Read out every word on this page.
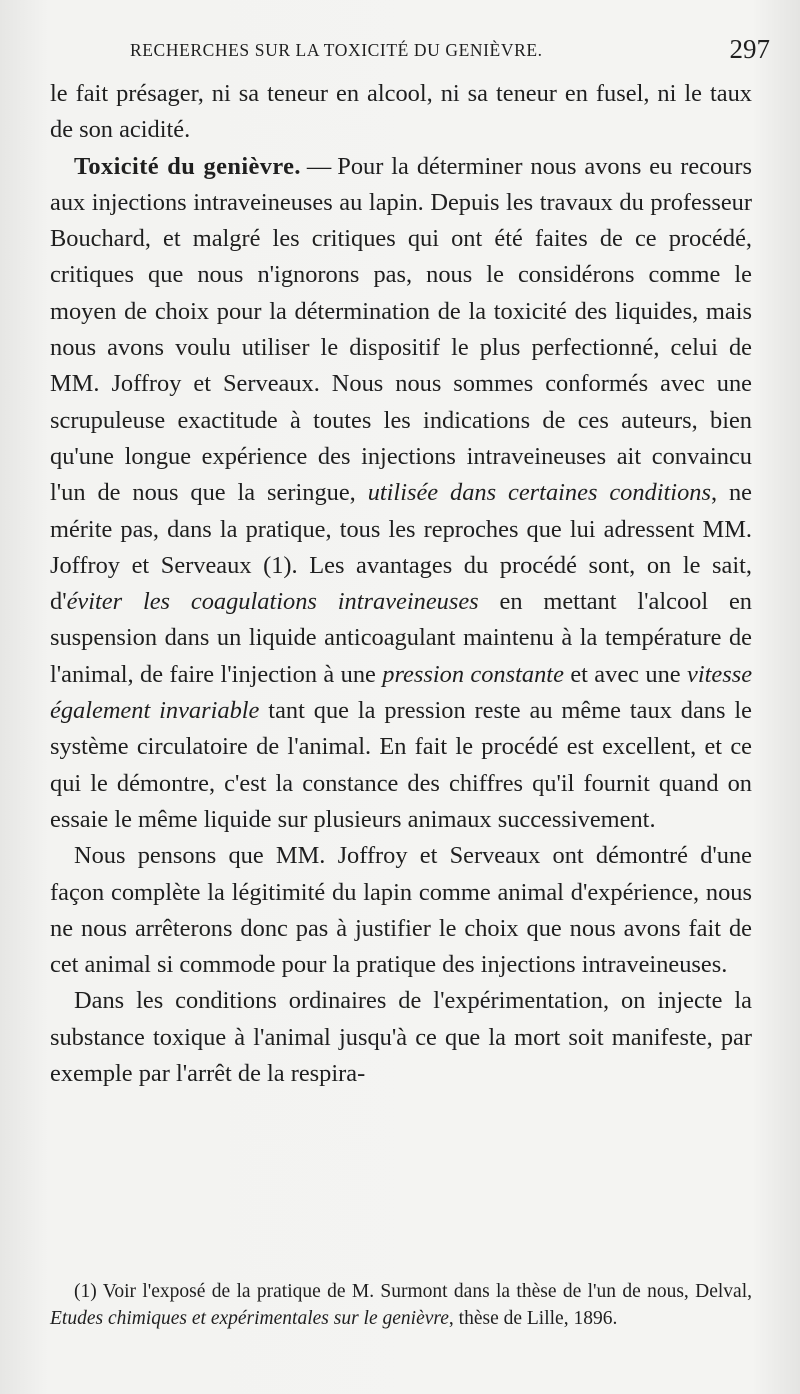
RECHERCHES SUR LA TOXICITÉ DU GENIÈVRE.	297

le fait présager, ni sa teneur en alcool, ni sa teneur en fusel, ni le taux de son acidité.

Toxicité du genièvre. — Pour la déterminer nous avons eu recours aux injections intraveineuses au lapin. Depuis les travaux du professeur Bouchard, et malgré les critiques qui ont été faites de ce procédé, critiques que nous n'ignorons pas, nous le considérons comme le moyen de choix pour la détermination de la toxicité des liquides, mais nous avons voulu utiliser le dispositif le plus perfectionné, celui de MM. Joffroy et Serveaux. Nous nous sommes conformés avec une scrupuleuse exactitude à toutes les indications de ces auteurs, bien qu'une longue expérience des injections intraveineuses ait convaincu l'un de nous que la seringue, utilisée dans certaines conditions, ne mérite pas, dans la pratique, tous les reproches que lui adressent MM. Joffroy et Serveaux (1). Les avantages du procédé sont, on le sait, d'éviter les coagulations intraveineuses en mettant l'alcool en suspension dans un liquide anticoagulant maintenu à la température de l'animal, de faire l'injection à une pression constante et avec une vitesse également invariable tant que la pression reste au même taux dans le système circulatoire de l'animal. En fait le procédé est excellent, et ce qui le démontre, c'est la constance des chiffres qu'il fournit quand on essaie le même liquide sur plusieurs animaux successivement.

Nous pensons que MM. Joffroy et Serveaux ont démontré d'une façon complète la légitimité du lapin comme animal d'expérience, nous ne nous arrêterons donc pas à justifier le choix que nous avons fait de cet animal si commode pour la pratique des injections intraveineuses.

Dans les conditions ordinaires de l'expérimentation, on injecte la substance toxique à l'animal jusqu'à ce que la mort soit manifeste, par exemple par l'arrêt de la respira-

(1) Voir l'exposé de la pratique de M. Surmont dans la thèse de l'un de nous, Delval, Etudes chimiques et expérimentales sur le genièvre, thèse de Lille, 1896.
